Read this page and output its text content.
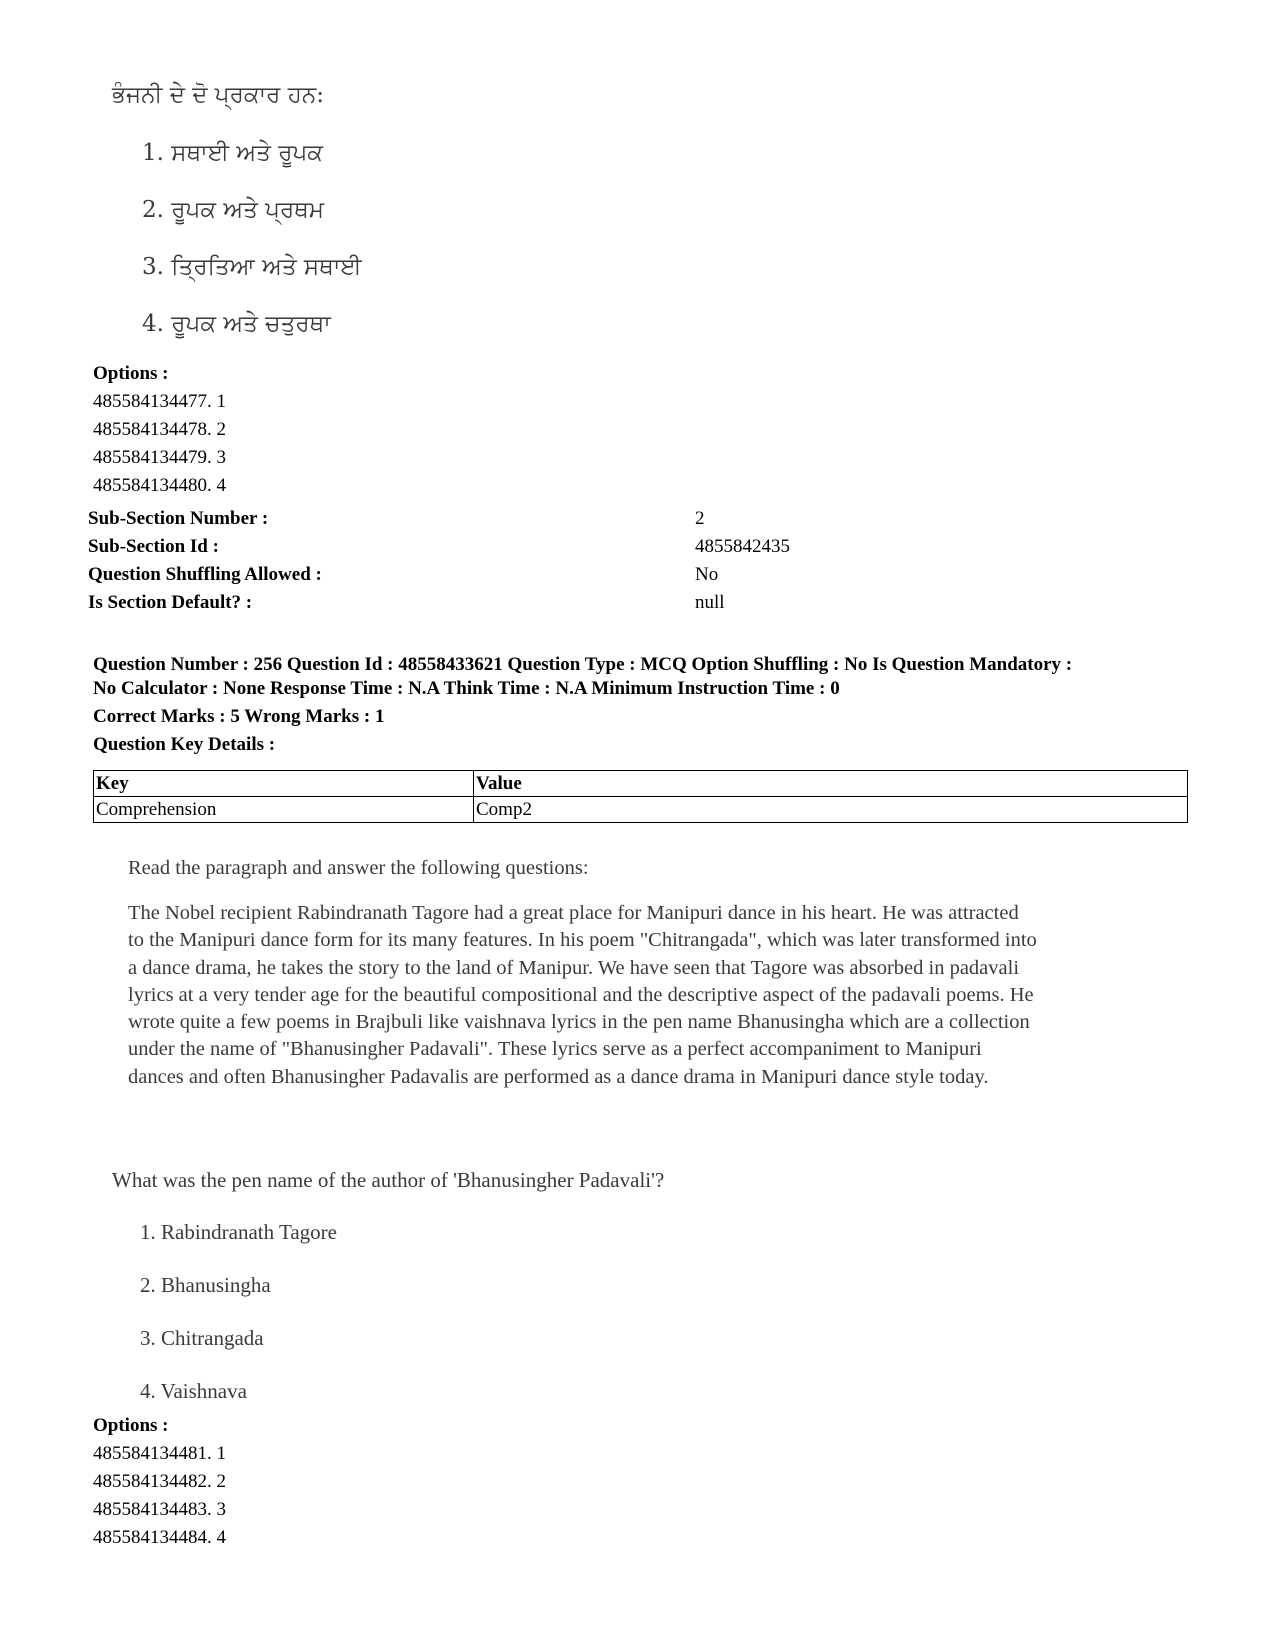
ਭੰਜਨੀ ਦੇ ਦੋ ਪ੍ਰਕਾਰ ਹਨ:
1. ਸਥਾਈ ਅਤੇ ਰੂਪਕ
2. ਰੂਪਕ ਅਤੇ ਪ੍ਰਥਮ
3. ਤ੍ਰਿਤਿਆ ਅਤੇ ਸਥਾਈ
4. ਰੂਪਕ ਅਤੇ ਚਤੁਰਥਾ
Options :
485584134477. 1
485584134478. 2
485584134479. 3
485584134480. 4
Sub-Section Number :	2
Sub-Section Id :	4855842435
Question Shuffling Allowed :	No
Is Section Default? :	null
Question Number : 256 Question Id : 48558433621 Question Type : MCQ Option Shuffling : No Is Question Mandatory :
No Calculator : None Response Time : N.A Think Time : N.A Minimum Instruction Time : 0
Correct Marks : 5 Wrong Marks : 1
Question Key Details :
Key	Value
Comprehension	Comp2
Read the paragraph and answer the following questions:
The Nobel recipient Rabindranath Tagore had a great place for Manipuri dance in his heart. He was attracted
to the Manipuri dance form for its many features. In his poem "Chitrangada", which was later transformed into
a dance drama, he takes the story to the land of Manipur. We have seen that Tagore was absorbed in padavali
lyrics at a very tender age for the beautiful compositional and the descriptive aspect of the padavali poems. He
wrote quite a few poems in Brajbuli like vaishnava lyrics in the pen name Bhanusingha which are a collection
under the name of "Bhanusingher Padavali". These lyrics serve as a perfect accompaniment to Manipuri
dances and often Bhanusingher Padavalis are performed as a dance drama in Manipuri dance style today.
What was the pen name of the author of 'Bhanusingher Padavali'?
1. Rabindranath Tagore
2. Bhanusingha
3. Chitrangada
4. Vaishnava
Options :
485584134481. 1
485584134482. 2
485584134483. 3
485584134484. 4
